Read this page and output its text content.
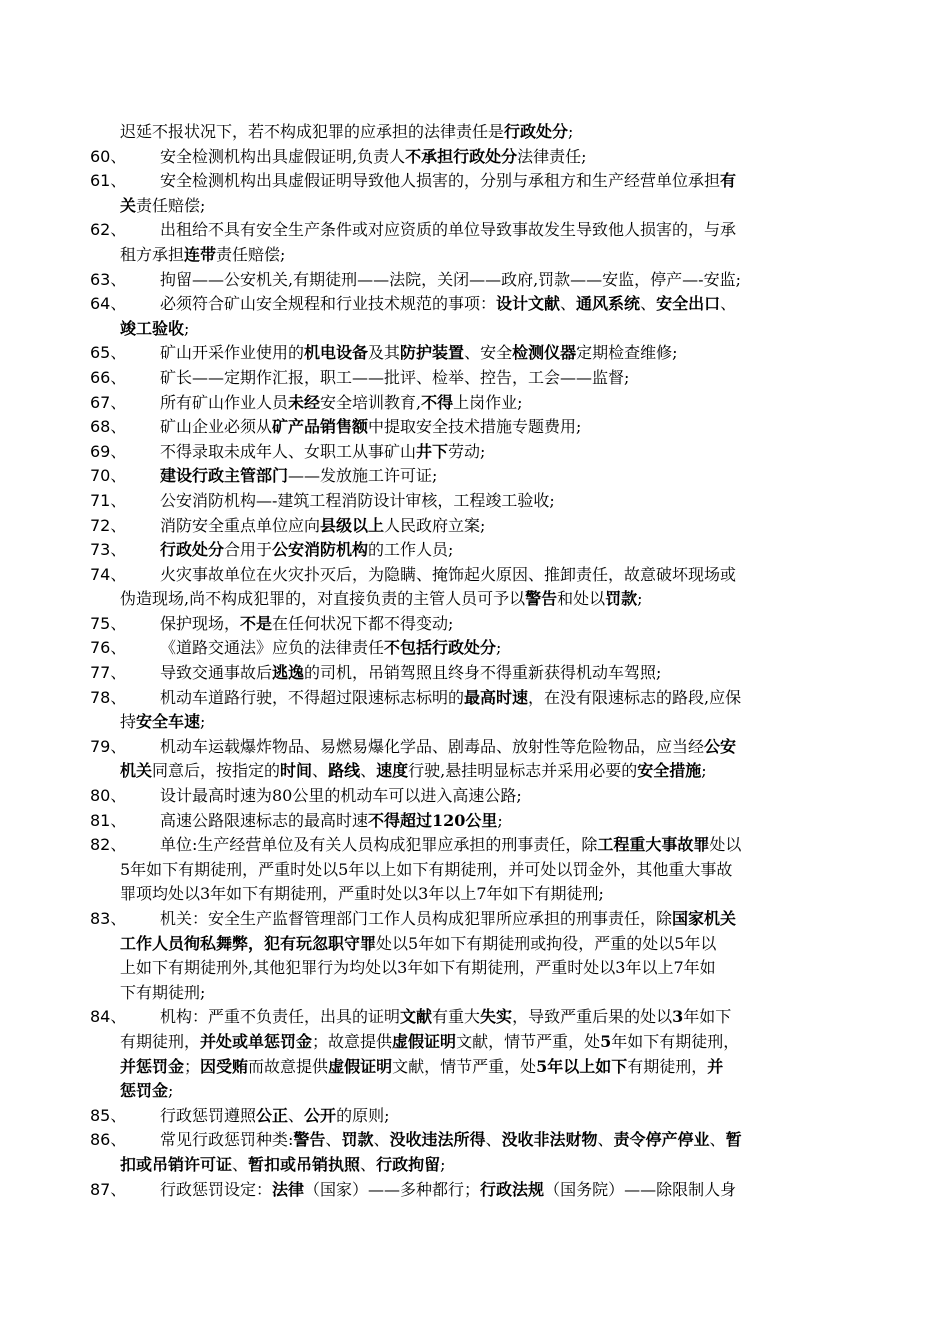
迟延不报状况下，若不构成犯罪的应承担的法律责任是行政处分;
60、 安全检测机构出具虚假证明,负责人不承担行政处分法律责任;
61、 安全检测机构出具虚假证明导致他人损害的，分别与承租方和生产经营单位承担有
关责任赔偿;
62、 出租给不具有安全生产条件或对应资质的单位导致事故发生导致他人损害的，与承
租方承担连带责任赔偿;
63、 拘留——公安机关,有期徒刑——法院，关闭——政府,罚款——安监，停产—-安监;
64、 必须符合矿山安全规程和行业技术规范的事项：设计文献、通风系统、安全出口、
竣工验收;
65、 矿山开采作业使用的机电设备及其防护装置、安全检测仪器定期检查维修;
66、 矿长——定期作汇报，职工——批评、检举、控告，工会——监督;
67、 所有矿山作业人员未经安全培训教育,不得上岗作业;
68、 矿山企业必须从矿产品销售额中提取安全技术措施专题费用;
69、 不得录取未成年人、女职工从事矿山井下劳动;
70、 建设行政主管部门——发放施工许可证;
71、 公安消防机构—-建筑工程消防设计审核，工程竣工验收;
72、 消防安全重点单位应向县级以上人民政府立案;
73、 行政处分合用于公安消防机构的工作人员;
74、 火灾事故单位在火灾扑灭后，为隐瞒、掩饰起火原因、推卸责任，故意破坏现场或
伪造现场,尚不构成犯罪的，对直接负责的主管人员可予以警告和处以罚款;
75、 保护现场，不是在任何状况下都不得变动;
76、 《道路交通法》应负的法律责任不包括行政处分;
77、 导致交通事故后逃逸的司机，吊销驾照且终身不得重新获得机动车驾照;
78、 机动车道路行驶，不得超过限速标志标明的最高时速，在没有限速标志的路段,应保
持安全车速;
79、 机动车运载爆炸物品、易燃易爆化学品、剧毒品、放射性等危险物品，应当经公安
机关同意后，按指定的时间、路线、速度行驶,悬挂明显标志并采用必要的安全措施;
80、 设计最高时速为80公里的机动车可以进入高速公路;
81、 高速公路限速标志的最高时速不得超过120公里;
82、 单位:生产经营单位及有关人员构成犯罪应承担的刑事责任，除工程重大事故罪处以
5年如下有期徒刑，严重时处以5年以上如下有期徒刑，并可处以罚金外，其他重大事故
罪项均处以3年如下有期徒刑，严重时处以3年以上7年如下有期徒刑;
83、 机关：安全生产监督管理部门工作人员构成犯罪所应承担的刑事责任，除国家机关
工作人员徇私舞弊，犯有玩忽职守罪处以5年如下有期徒刑或拘役，严重的处以5年以
上如下有期徒刑外,其他犯罪行为均处以3年如下有期徒刑，严重时处以3年以上7年如
下有期徒刑;
84、 机构：严重不负责任，出具的证明文献有重大失实，导致严重后果的处以3年如下
有期徒刑，并处或单惩罚金；故意提供虚假证明文献，情节严重，处5年如下有期徒刑，
并惩罚金；因受贿而故意提供虚假证明文献，情节严重，处5年以上如下有期徒刑，并
惩罚金;
85、 行政惩罚遵照公正、公开的原则;
86、 常见行政惩罚种类:警告、罚款、没收违法所得、没收非法财物、责令停产停业、暂
扣或吊销许可证、暂扣或吊销执照、行政拘留;
87、 行政惩罚设定：法律（国家）——多种都行；行政法规（国务院）——除限制人身
